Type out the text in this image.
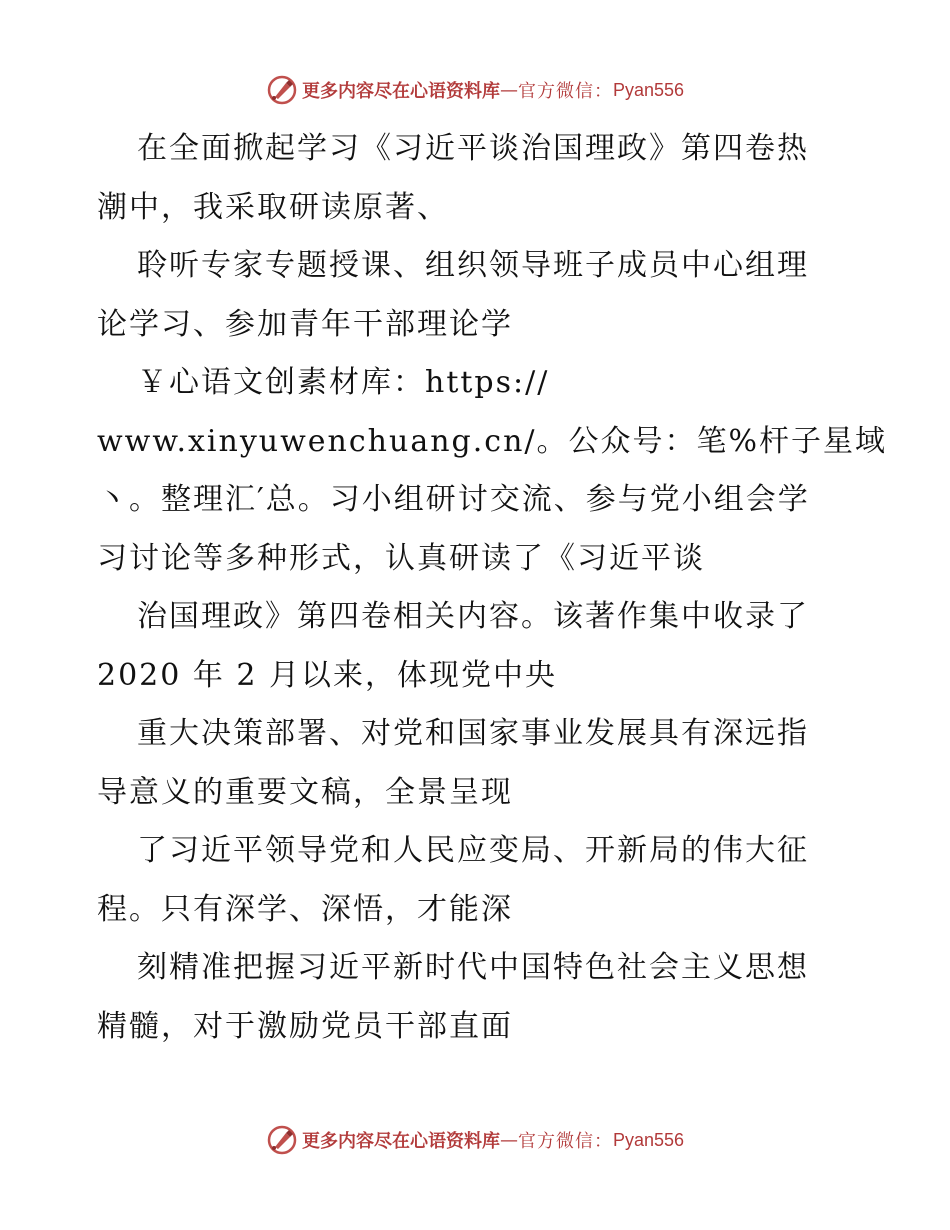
更多内容尽在心语资料库 — 官方微信： Pyan556
在全面掀起学习《习近平谈治国理政》第四卷热
潮中，我采取研读原著、
聆听专家专题授课、组织领导班子成员中心组理
论学习、参加青年干部理论学
￥心语文创素材库：https://
www.xinyuwenchuang.cn/。公众号：笔%杆子星域
丶。整理汇′总。习小组研讨交流、参与党小组会学
习讨论等多种形式，认真研读了《习近平谈
治国理政》第四卷相关内容。该著作集中收录了
2020 年 2 月以来，体现党中央
重大决策部署、对党和国家事业发展具有深远指
导意义的重要文稿，全景呈现
了习近平领导党和人民应变局、开新局的伟大征
程。只有深学、深悟，才能深
刻精准把握习近平新时代中国特色社会主义思想
精髓，对于激励党员干部直面
更多内容尽在心语资料库 — 官方微信： Pyan556
